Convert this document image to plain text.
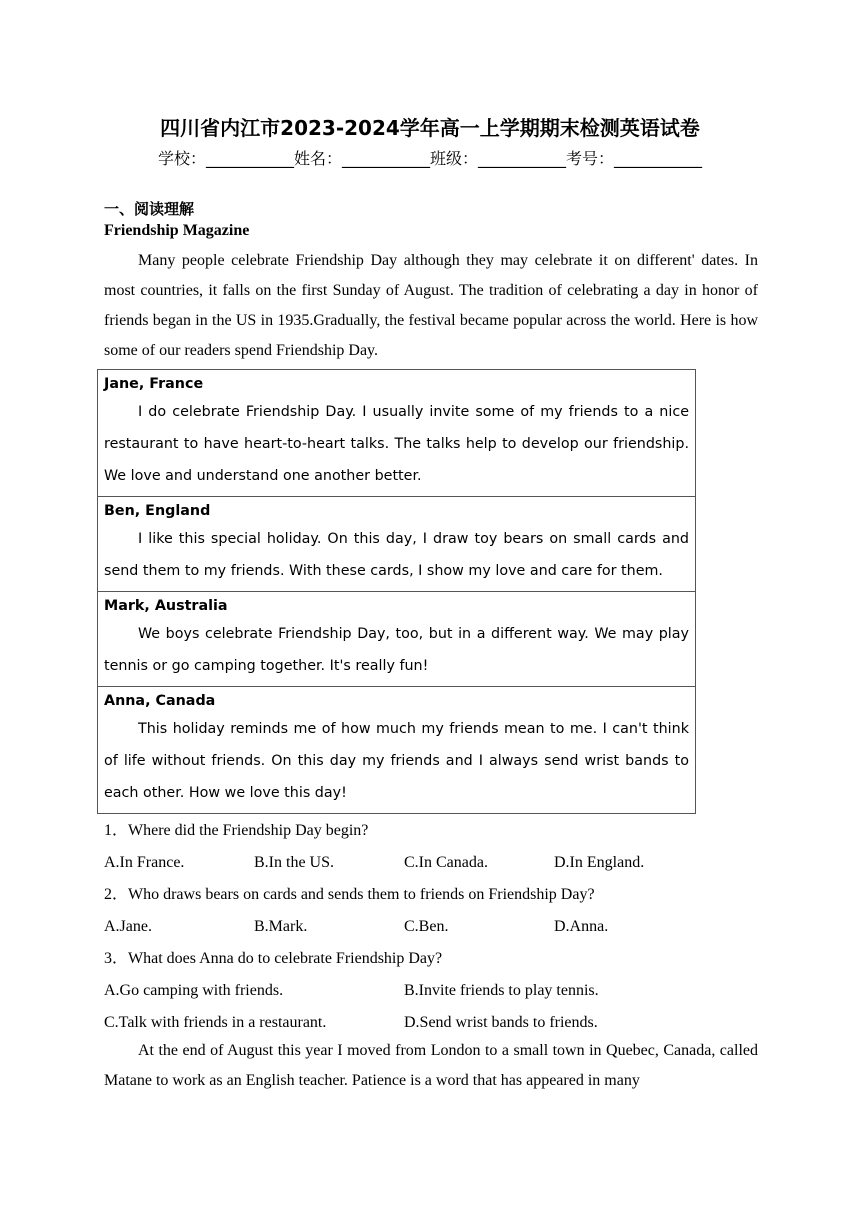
四川省内江市2023-2024学年高一上学期期末检测英语试卷
学校：___________姓名：___________班级：___________考号：___________
一、阅读理解
Friendship Magazine

Many people celebrate Friendship Day although they may celebrate it on different' dates. In most countries, it falls on the first Sunday of August. The tradition of celebrating a day in honor of friends began in the US in 1935.Gradually, the festival became popular across the world. Here is how some of our readers spend Friendship Day.

Jane, France

I do celebrate Friendship Day. I usually invite some of my friends to a nice restaurant to have heart-to-heart talks. The talks help to develop our friendship. We love and understand one another better.

Ben, England

I like this special holiday. On this day, I draw toy bears on small cards and send them to my friends. With these cards, I show my love and care for them.

Mark, Australia

We boys celebrate Friendship Day, too, but in a different way. We may play tennis or go camping together. It's really fun!

Anna, Canada

This holiday reminds me of how much my friends mean to me. I can't think of life without friends. On this day my friends and I always send wrist bands to each other. How we love this day!

1．Where did the Friendship Day begin?
A.In France.	B.In the US.	C.In Canada.	D.In England.
2．Who draws bears on cards and sends them to friends on Friendship Day?
A.Jane.	B.Mark.	C.Ben.	D.Anna.
3．What does Anna do to celebrate Friendship Day?
A.Go camping with friends.	B.Invite friends to play tennis.
C.Talk with friends in a restaurant.	D.Send wrist bands to friends.

At the end of August this year I moved from London to a small town in Quebec, Canada, called Matane to work as an English teacher. Patience is a word that has appeared in many
